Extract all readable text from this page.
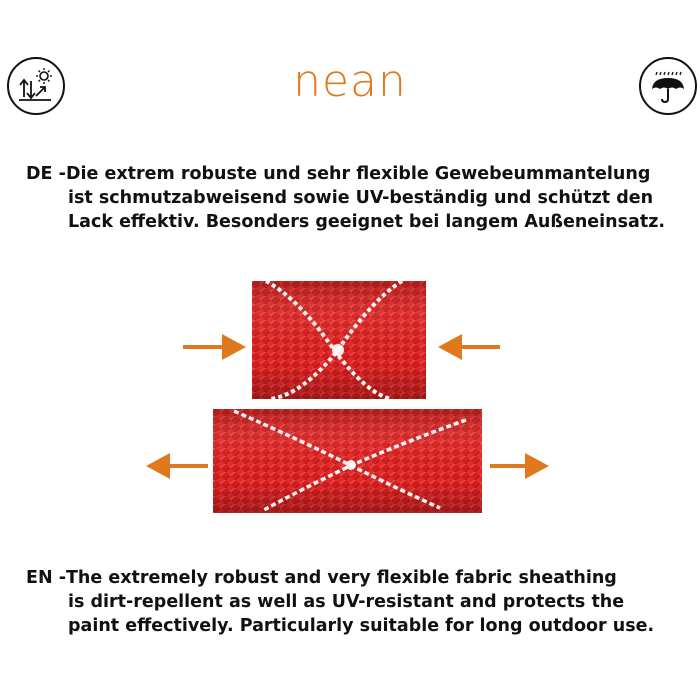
nean
DE -Die extrem robuste und sehr flexible Gewebeummantelung
ist schmutzabweisend sowie UV-beständig und schützt den
Lack effektiv. Besonders geeignet bei langem Außeneinsatz.
EN -The extremely robust and very flexible fabric sheathing
is dirt-repellent as well as UV-resistant and protects the
paint effectively. Particularly suitable for long outdoor use.
